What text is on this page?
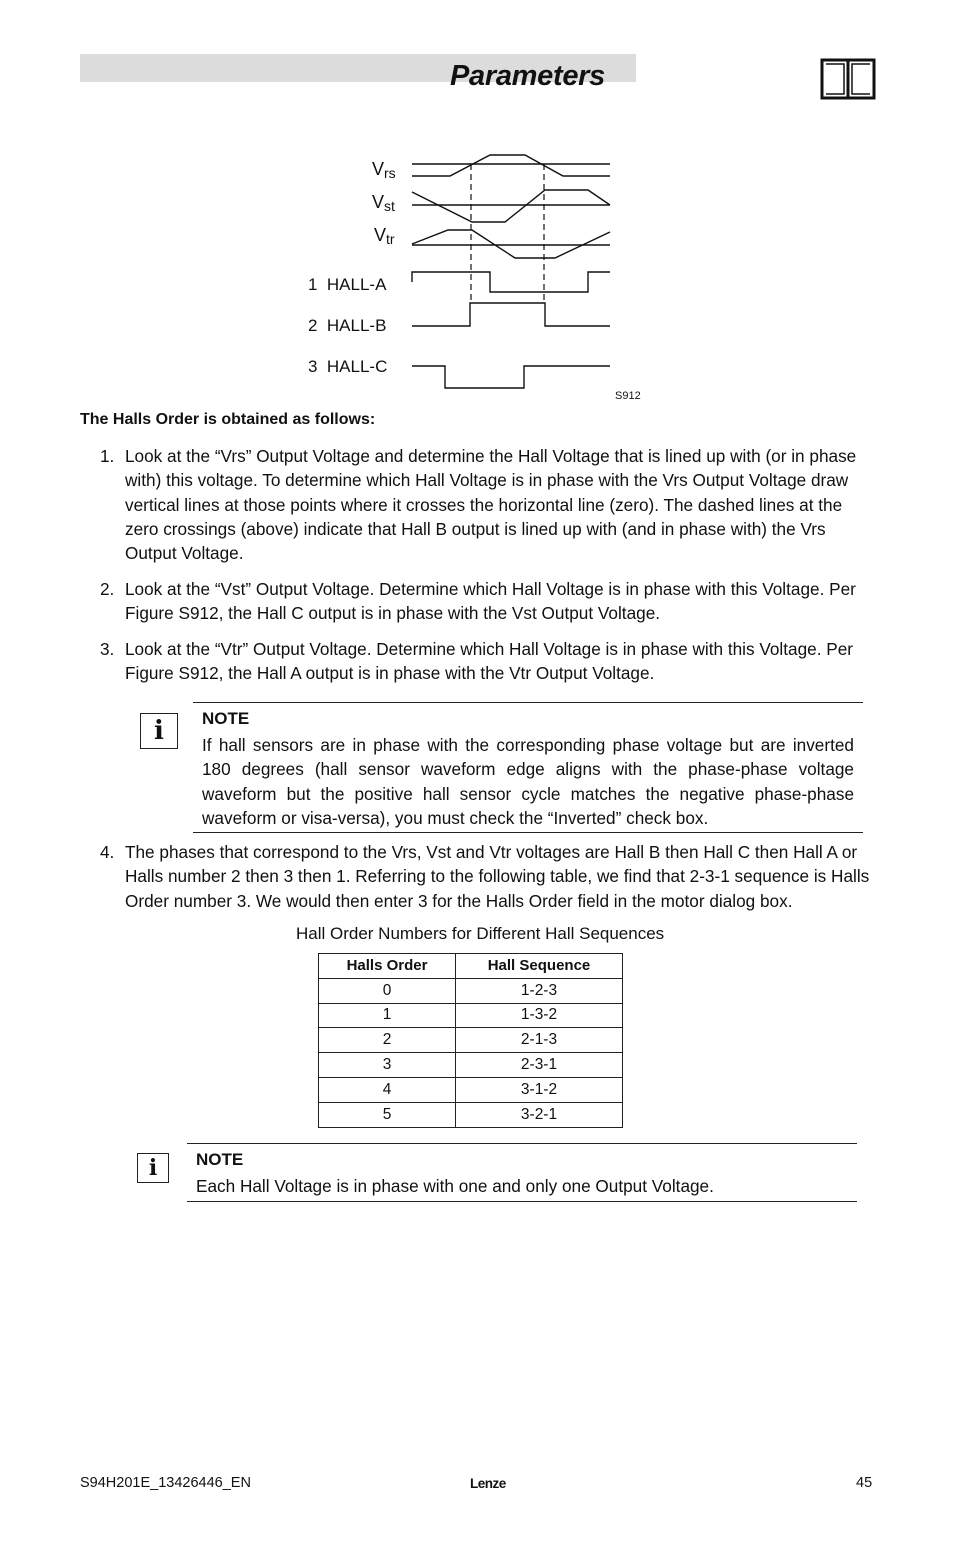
Parameters
Vrs
Vst
Vtr
1  HALL-A
2  HALL-B
3  HALL-C
S912
The Halls Order is obtained as follows:
1. Look at the “Vrs” Output Voltage and determine the Hall Voltage that is lined up with (or in phase with) this voltage. To determine which Hall Voltage is in phase with the Vrs Output Voltage draw vertical lines at those points where it crosses the horizontal line (zero). The dashed lines at the zero crossings (above) indicate that Hall B output is lined up with (and in phase with) the Vrs Output Voltage.
2. Look at the “Vst” Output Voltage. Determine which Hall Voltage is in phase with this Voltage. Per Figure S912, the Hall C output is in phase with the Vst Output Voltage.
3. Look at the “Vtr” Output Voltage. Determine which Hall Voltage is in phase with this Voltage. Per Figure S912, the Hall A output is in phase with the Vtr Output Voltage.
i	NOTE
If hall sensors are in phase with the corresponding phase voltage but are inverted 180 degrees (hall sensor waveform edge aligns with the phase-phase voltage waveform but the positive hall sensor cycle matches the negative phase-phase waveform or visa-versa), you must check the “Inverted” check box.
4. The phases that correspond to the Vrs, Vst and Vtr voltages are Hall B then Hall C then Hall A or Halls number 2 then 3 then 1. Referring to the following table, we find that 2-3-1 sequence is Halls Order number 3. We would then enter 3 for the Halls Order field in the motor dialog box.
Hall Order Numbers for Different Hall Sequences
Halls Order	Hall Sequence
0	1-2-3
1	1-3-2
2	2-1-3
3	2-3-1
4	3-1-2
5	3-2-1
i	NOTE
Each Hall Voltage is in phase with one and only one Output Voltage.
S94H201E_13426446_EN	Lenze	45
